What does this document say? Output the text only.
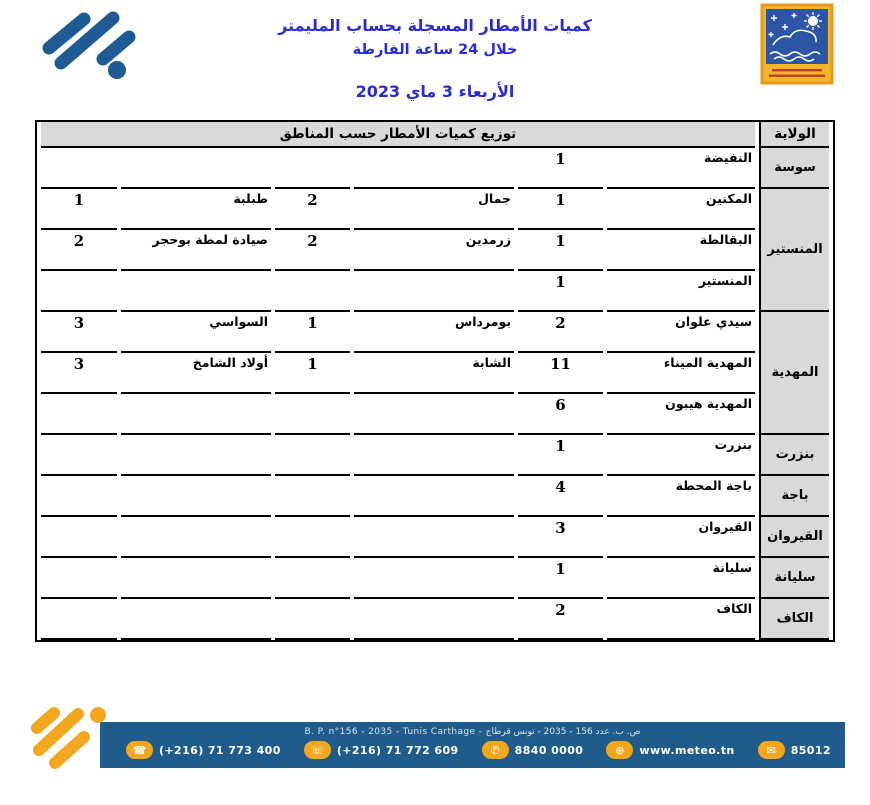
كميات الأمطار المسجلة بحساب المليمتر
خلال 24 ساعة الفارطة
الأربعاء 3 ماي 2023
الولاية	توزيع كميات الأمطار حسب المناطق					
سوسة	النفيضة	1				
المنستير	المكنين	1	جمال	2	طبلبة	1
	البقالطة	1	زرمدين	2	صيادة لمطة بوحجر	2
	المنستير	1				
المهدية	سيدي علوان	2	بومرداس	1	السواسي	3
	المهدية الميناء	11	الشابة	1	أولاد الشامخ	3
	المهدية هيبون	6				
بنزرت	بنزرت	1				
باجة	باجة المحطة	4				
القيروان	القيروان	3				
سليانة	سليانة	1				
الكاف	الكاف	2				
B. P. n°156 - 2035 - Tunis Carthage - ص. ب. عدد 156 - 2035 - تونس قرطاج
☎	(+216) 71 773 400	☏	(+216) 71 772 609	✆	8840 0000	⊕	www.meteo.tn	✉	85012
